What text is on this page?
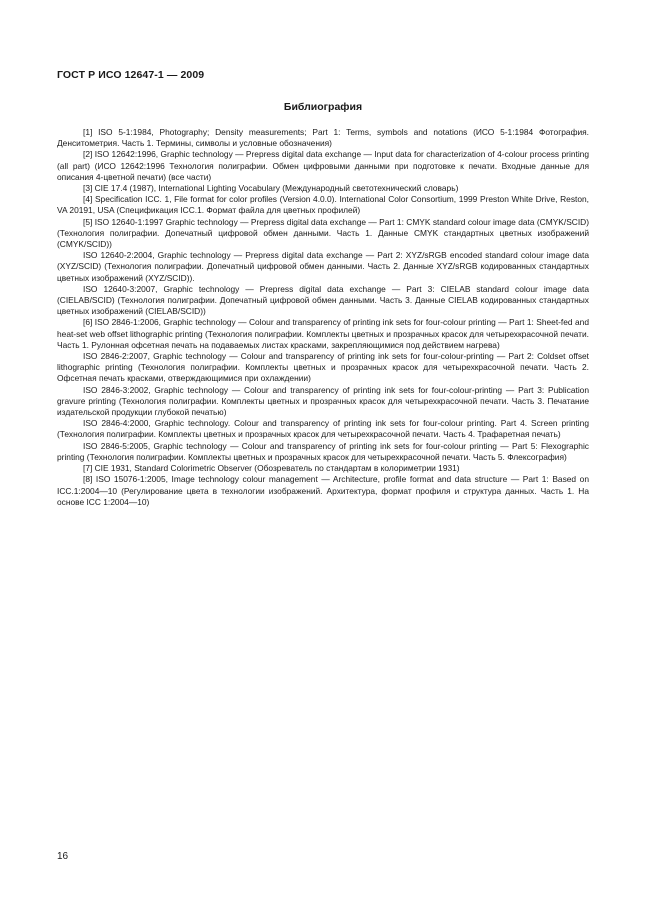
ГОСТ Р ИСО 12647-1 — 2009
Библиография

[1] ISO 5-1:1984, Photography; Density measurements; Part 1: Terms, symbols and notations (ИСО 5-1:1984 Фотография. Денситометрия. Часть 1. Термины, символы и условные обозначения)

[2] ISO 12642:1996, Graphic technology — Prepress digital data exchange — Input data for characterization of 4-colour process printing (all part) (ИСО 12642:1996 Технология полиграфии. Обмен цифровыми данными при подготовке к печати. Входные данные для описания 4-цветной печати) (все части)

[3] CIE 17.4 (1987), International Lighting Vocabulary (Международный светотехнический словарь)

[4] Specification ICC. 1, File format for color profiles (Version 4.0.0). International Color Consortium, 1999 Preston White Drive, Reston, VA 20191, USA (Спецификация ICC.1. Формат файла для цветных профилей)

[5] ISO 12640-1:1997 Graphic technology — Prepress digital data exchange — Part 1: CMYK standard colour image data (CMYK/SCID) (Технология полиграфии. Допечатный цифровой обмен данными. Часть 1. Данные CMYK стандартных цветных изображений (CMYK/SCID))

ISO 12640-2:2004, Graphic technology — Prepress digital data exchange — Part 2: XYZ/sRGB encoded standard colour image data (XYZ/SCID) (Технология полиграфии. Допечатный цифровой обмен данными. Часть 2. Данные XYZ/sRGB кодированных стандартных цветных изображений (XYZ/SCID)).

ISO 12640-3:2007, Graphic technology — Prepress digital data exchange — Part 3: CIELAB standard colour image data (CIELAB/SCID) (Технология полиграфии. Допечатный цифровой обмен данными. Часть 3. Данные CIELAB кодированных стандартных цветных изображений (CIELAB/SCID))

[6] ISO 2846-1:2006, Graphic technology — Colour and transparency of printing ink sets for four-colour printing — Part 1: Sheet-fed and heat-set web offset lithographic printing (Технология полиграфии. Комплекты цветных и прозрачных красок для четырехкрасочной печати. Часть 1. Рулонная офсетная печать на подаваемых листах красками, закрепляющимися под действием нагрева)

ISO 2846-2:2007, Graphic technology — Colour and transparency of printing ink sets for four-colour-printing — Part 2: Coldset offset lithographic printing (Технология полиграфии. Комплекты цветных и прозрачных красок для четырехкрасочной печати. Часть 2. Офсетная печать красками, отверждающимися при охлаждении)

ISO 2846-3:2002, Graphic technology — Colour and transparency of printing ink sets for four-colour-printing — Part 3: Publication gravure printing (Технология полиграфии. Комплекты цветных и прозрачных красок для четырехкрасочной печати. Часть 3. Печатание издательской продукции глубокой печатью)

ISO 2846-4:2000, Graphic technology. Colour and transparency of printing ink sets for four-colour printing. Part 4. Screen printing (Технология полиграфии. Комплекты цветных и прозрачных красок для четырехкрасочной печати. Часть 4. Трафаретная печать)

ISO 2846-5:2005, Graphic technology — Colour and transparency of printing ink sets for four-colour printing — Part 5: Flexographic printing (Технология полиграфии. Комплекты цветных и прозрачных красок для четырехкрасочной печати. Часть 5. Флексография)

[7] CIE 1931, Standard Colorimetric Observer (Обозреватель по стандартам в колориметрии 1931)

[8] ISO 15076-1:2005, Image technology colour management — Architecture, profile format and data structure — Part 1: Based on ICC.1:2004—10 (Регулирование цвета в технологии изображений. Архитектура, формат профиля и структура данных. Часть 1. На основе ICC 1:2004—10)

16
